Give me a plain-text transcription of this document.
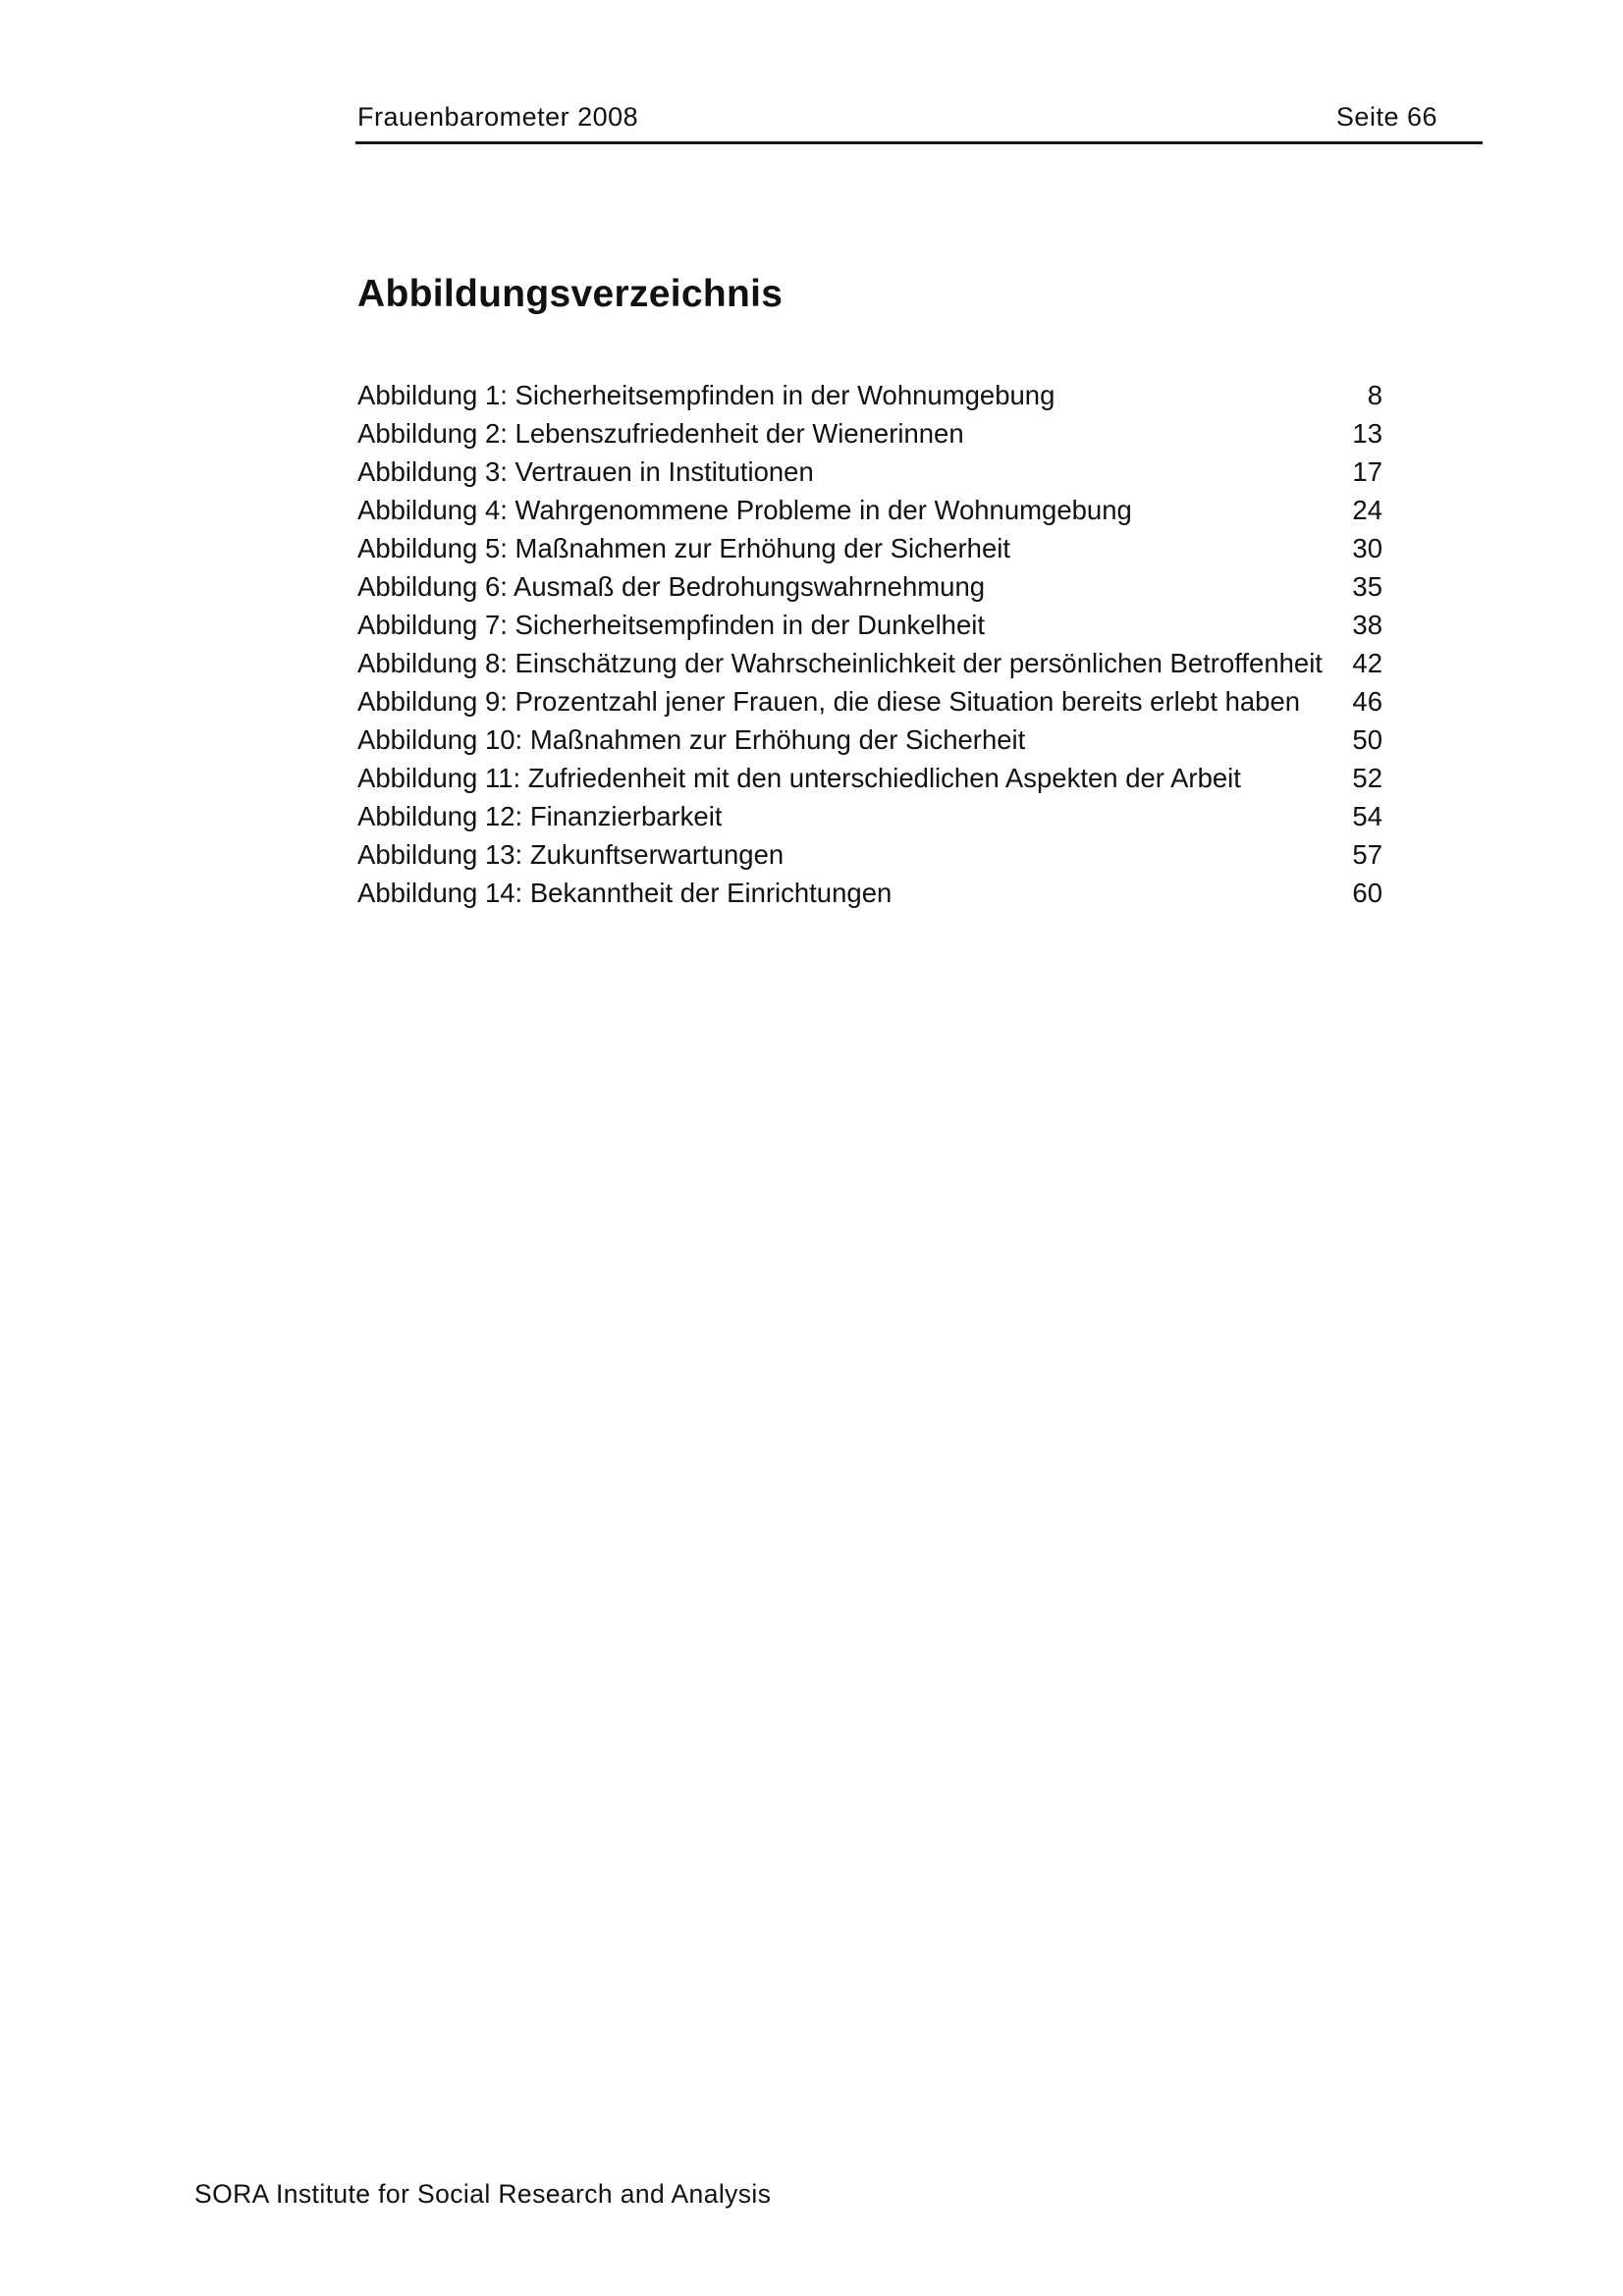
Frauenbarometer 2008	Seite 66
Abbildungsverzeichnis
Abbildung 1: Sicherheitsempfinden in der Wohnumgebung	8
Abbildung 2: Lebenszufriedenheit der Wienerinnen	13
Abbildung 3: Vertrauen in Institutionen	17
Abbildung 4: Wahrgenommene Probleme in der Wohnumgebung	24
Abbildung 5: Maßnahmen zur Erhöhung der Sicherheit	30
Abbildung 6: Ausmaß der Bedrohungswahrnehmung	35
Abbildung 7: Sicherheitsempfinden in der Dunkelheit	38
Abbildung 8: Einschätzung der Wahrscheinlichkeit der persönlichen Betroffenheit	42
Abbildung 9: Prozentzahl jener Frauen, die diese Situation bereits erlebt haben	46
Abbildung 10: Maßnahmen zur Erhöhung der Sicherheit	50
Abbildung 11: Zufriedenheit mit den unterschiedlichen Aspekten der Arbeit	52
Abbildung 12: Finanzierbarkeit	54
Abbildung 13: Zukunftserwartungen	57
Abbildung 14: Bekanntheit der Einrichtungen	60
SORA Institute for Social Research and Analysis
